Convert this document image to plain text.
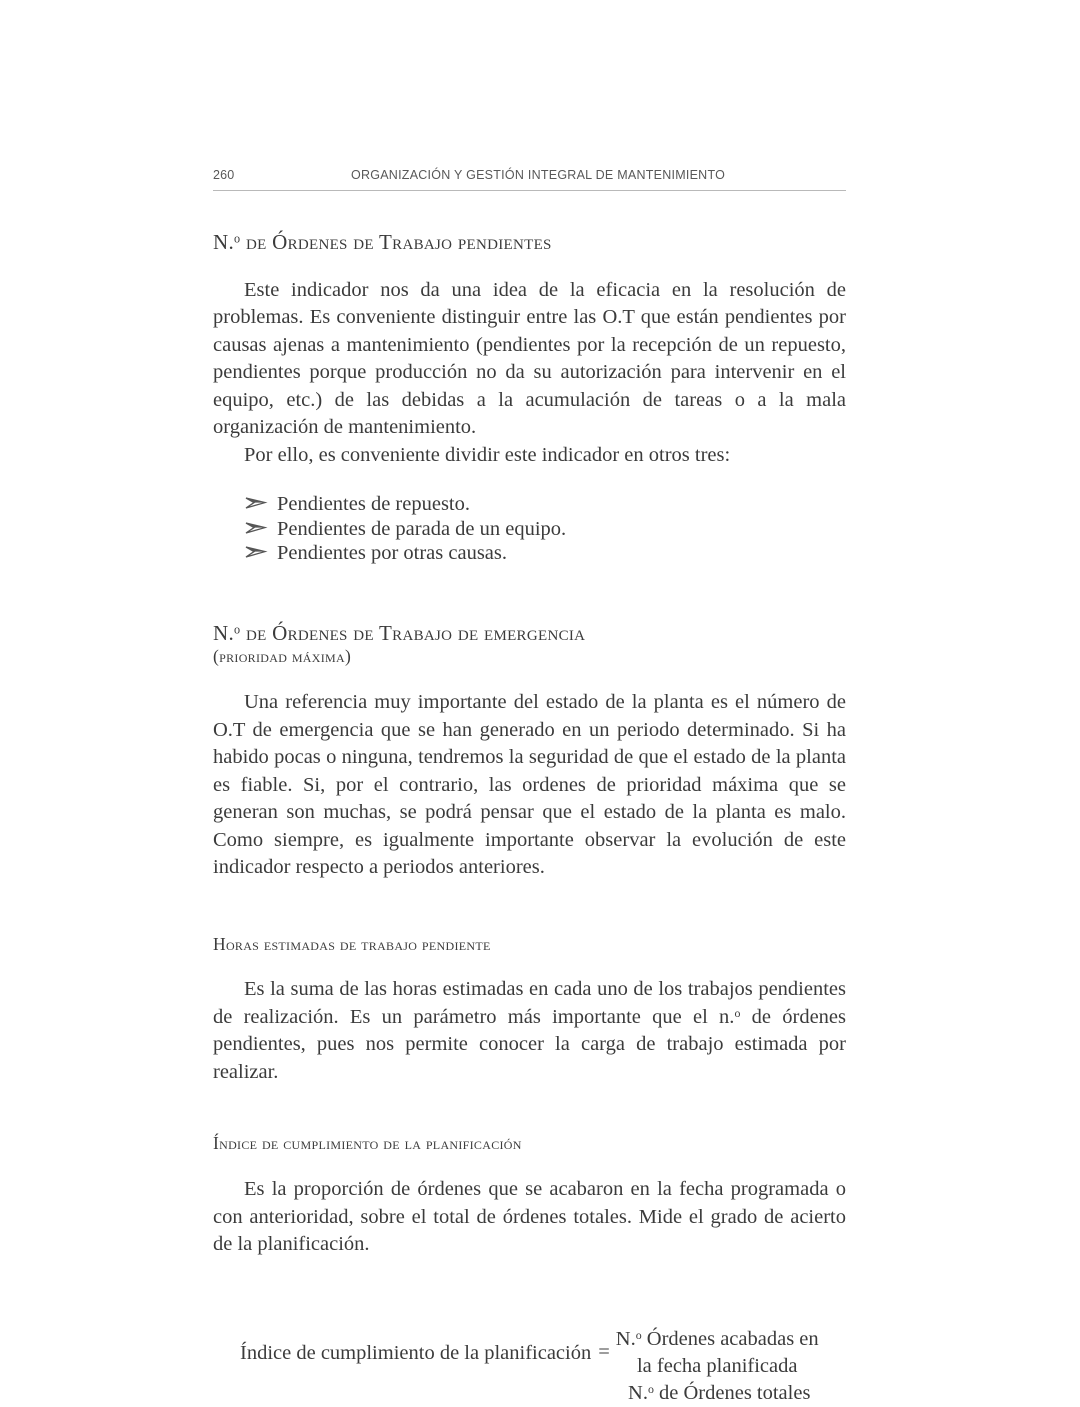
260	ORGANIZACIÓN Y GESTIÓN INTEGRAL DE MANTENIMIENTO
N.$^o$ de Órdenes de Trabajo pendientes

Este indicador nos da una idea de la eficacia en la resolución de problemas. Es conveniente distinguir entre las O.T que están pendientes por causas ajenas a mantenimiento (pendientes por la recepción de un repuesto, pendientes porque producción no da su autorización para intervenir en el equipo, etc.) de las debidas a la acumulación de tareas o a la mala organización de mantenimiento.

Por ello, es conveniente dividir este indicador en otros tres:

Pendientes de repuesto.
Pendientes de parada de un equipo.
Pendientes por otras causas.
N.$^o$ de Órdenes de Trabajo de emergencia
(prioridad máxima)

Una referencia muy importante del estado de la planta es el número de O.T de emergencia que se han generado en un periodo determinado. Si ha habido pocas o ninguna, tendremos la seguridad de que el estado de la planta es fiable. Si, por el contrario, las ordenes de prioridad máxima que se generan son muchas, se podrá pensar que el estado de la planta es malo. Como siempre, es igualmente importante observar la evolución de este indicador respecto a periodos anteriores.

Horas estimadas de trabajo pendiente

Es la suma de las horas estimadas en cada uno de los trabajos pendientes de realización. Es un parámetro más importante que el n.$^o$ de órdenes pendientes, pues nos permite conocer la carga de trabajo estimada por realizar.

Índice de cumplimiento de la planificación

Es la proporción de órdenes que se acabaron en la fecha programada o con anterioridad, sobre el total de órdenes totales. Mide el grado de acierto de la planificación.

Índice de cumplimiento de la planificación =
N.$^o$ Órdenes acabadas en
la fecha planificada
N.$^o$ de Órdenes totales
